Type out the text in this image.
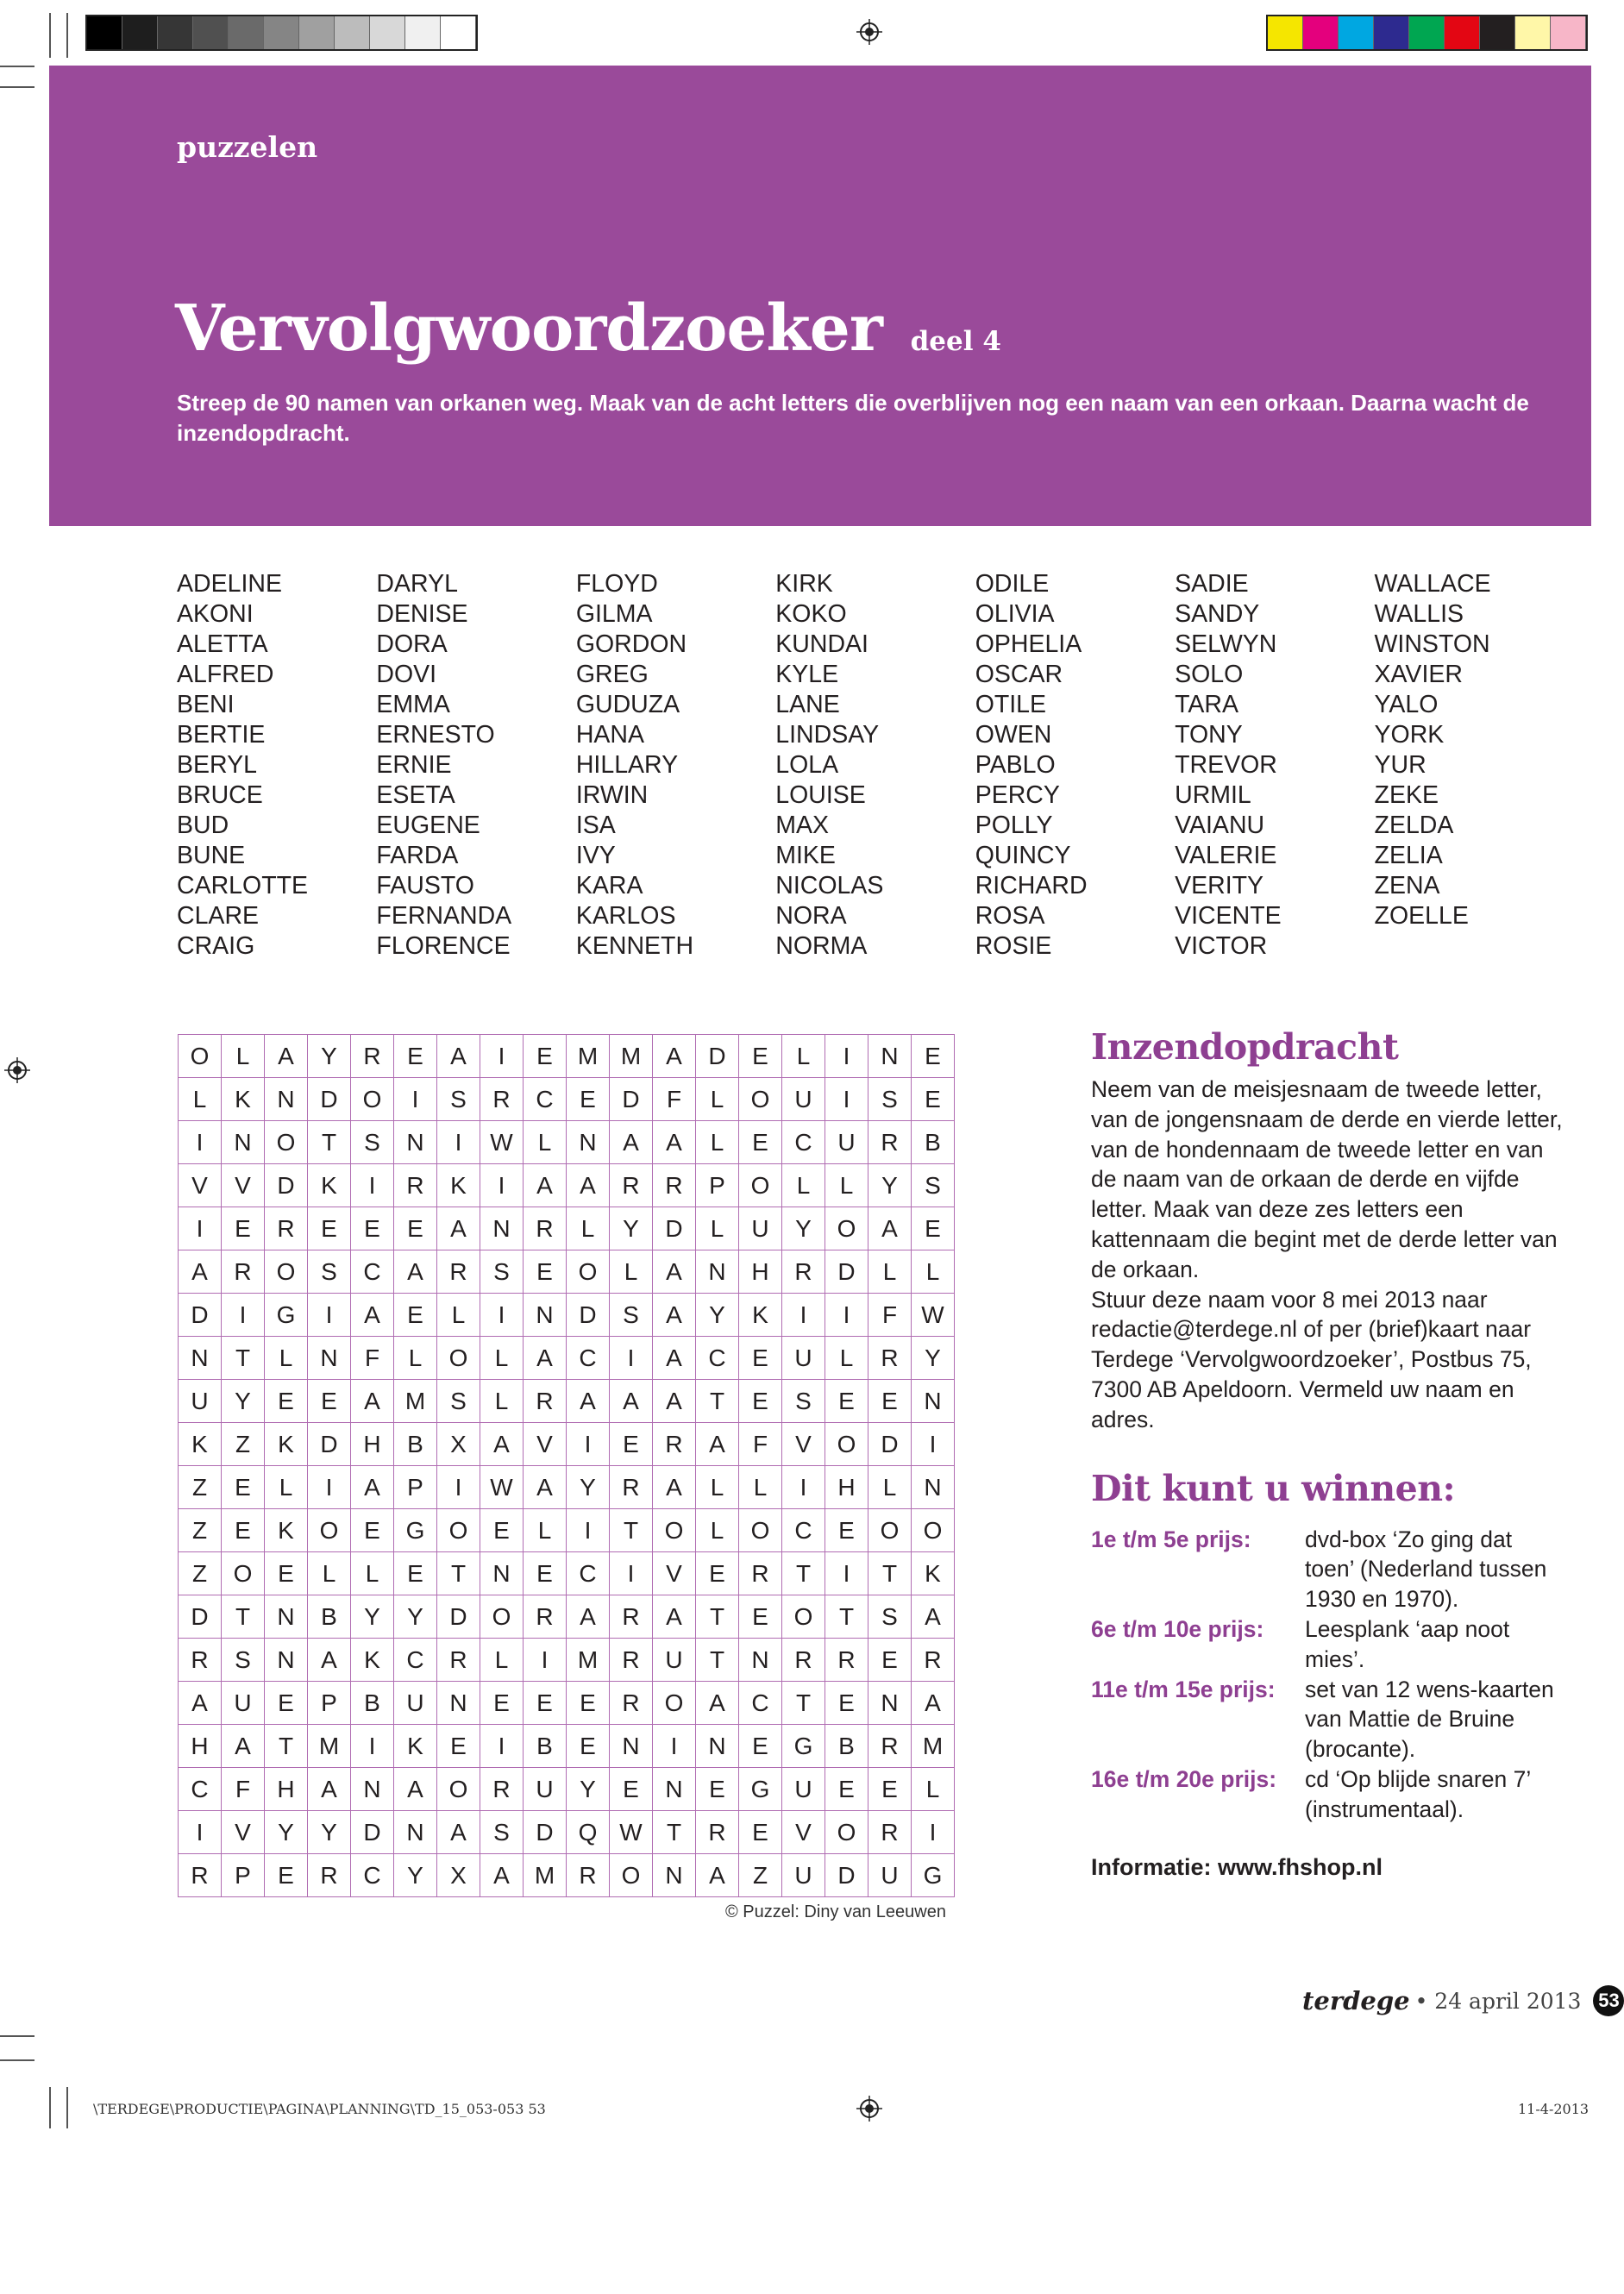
puzzelen
Vervolgwoordzoeker deel 4
Streep de 90 namen van orkanen weg. Maak van de acht letters die overblijven nog een naam van een orkaan. Daarna wacht de inzendopdracht.
ADELINE
AKONI
ALETTA
ALFRED
BENI
BERTIE
BERYL
BRUCE
BUD
BUNE
CARLOTTE
CLARE
CRAIG
DARYL
DENISE
DORA
DOVI
EMMA
ERNESTO
ERNIE
ESETA
EUGENE
FARDA
FAUSTO
FERNANDA
FLORENCE
FLOYD
GILMA
GORDON
GREG
GUDUZA
HANA
HILLARY
IRWIN
ISA
IVY
KARA
KARLOS
KENNETH
KIRK
KOKO
KUNDAI
KYLE
LANE
LINDSAY
LOLA
LOUISE
MAX
MIKE
NICOLAS
NORA
NORMA
ODILE
OLIVIA
OPHELIA
OSCAR
OTILE
OWEN
PABLO
PERCY
POLLY
QUINCY
RICHARD
ROSA
ROSIE
SADIE
SANDY
SELWYN
SOLO
TARA
TONY
TREVOR
URMIL
VAIANU
VALERIE
VERITY
VICENTE
VICTOR
WALLACE
WALLIS
WINSTON
XAVIER
YALO
YORK
YUR
ZEKE
ZELDA
ZELIA
ZENA
ZOELLE
O	L	A	Y	R	E	A	I	E	M	M	A	D	E	L	I	N	E
L	K	N	D	O	I	S	R	C	E	D	F	L	O	U	I	S	E
I	N	O	T	S	N	I	W	L	N	A	A	L	E	C	U	R	B
V	V	D	K	I	R	K	I	A	A	R	R	P	O	L	L	Y	S
I	E	R	E	E	E	A	N	R	L	Y	D	L	U	Y	O	A	E
A	R	O	S	C	A	R	S	E	O	L	A	N	H	R	D	L	L
D	I	G	I	A	E	L	I	N	D	S	A	Y	K	I	I	F	W
N	T	L	N	F	L	O	L	A	C	I	A	C	E	U	L	R	Y
U	Y	E	E	A	M	S	L	R	A	A	A	T	E	S	E	E	N
K	Z	K	D	H	B	X	A	V	I	E	R	A	F	V	O	D	I
Z	E	L	I	A	P	I	W	A	Y	R	A	L	L	I	H	L	N
Z	E	K	O	E	G	O	E	L	I	T	O	L	O	C	E	O	O
Z	O	E	L	L	E	T	N	E	C	I	V	E	R	T	I	T	K
D	T	N	B	Y	Y	D	O	R	A	R	A	T	E	O	T	S	A
R	S	N	A	K	C	R	L	I	M	R	U	T	N	R	R	E	R
A	U	E	P	B	U	N	E	E	E	R	O	A	C	T	E	N	A
H	A	T	M	I	K	E	I	B	E	N	I	N	E	G	B	R	M
C	F	H	A	N	A	O	R	U	Y	E	N	E	G	U	E	E	L
I	V	Y	Y	D	N	A	S	D	Q	W	T	R	E	V	O	R	I
R	P	E	R	C	Y	X	A	M	R	O	N	A	Z	U	D	U	G
© Puzzel: Diny van Leeuwen
Inzendopdracht
Neem van de meisjesnaam de tweede letter, van de jongensnaam de derde en vierde letter, van de hondennaam de tweede letter en van de naam van de orkaan de derde en vijfde letter. Maak van deze zes letters een kattennaam die begint met de derde letter van de orkaan.
Stuur deze naam voor 8 mei 2013 naar redactie@terdege.nl of per (brief)kaart naar Terdege ‘Vervolgwoordzoeker’, Postbus 75, 7300 AB Apeldoorn. Vermeld uw naam en adres.
Dit kunt u winnen:
1e t/m 5e prijs:	dvd-box ‘Zo ging dat toen’ (Nederland tussen 1930 en 1970).
6e t/m 10e prijs:	Leesplank ‘aap noot mies’.
11e t/m 15e prijs:	set van 12 wens-kaarten van Mattie de Bruine (brocante).
16e t/m 20e prijs:	cd ‘Op blijde snaren 7’ (instrumentaal).
Informatie: www.fhshop.nl
terdege • 24 april 2013 53
\TERDEGE\PRODUCTIE\PAGINA\PLANNING\TD_15_053-053 53	11-4-2013
